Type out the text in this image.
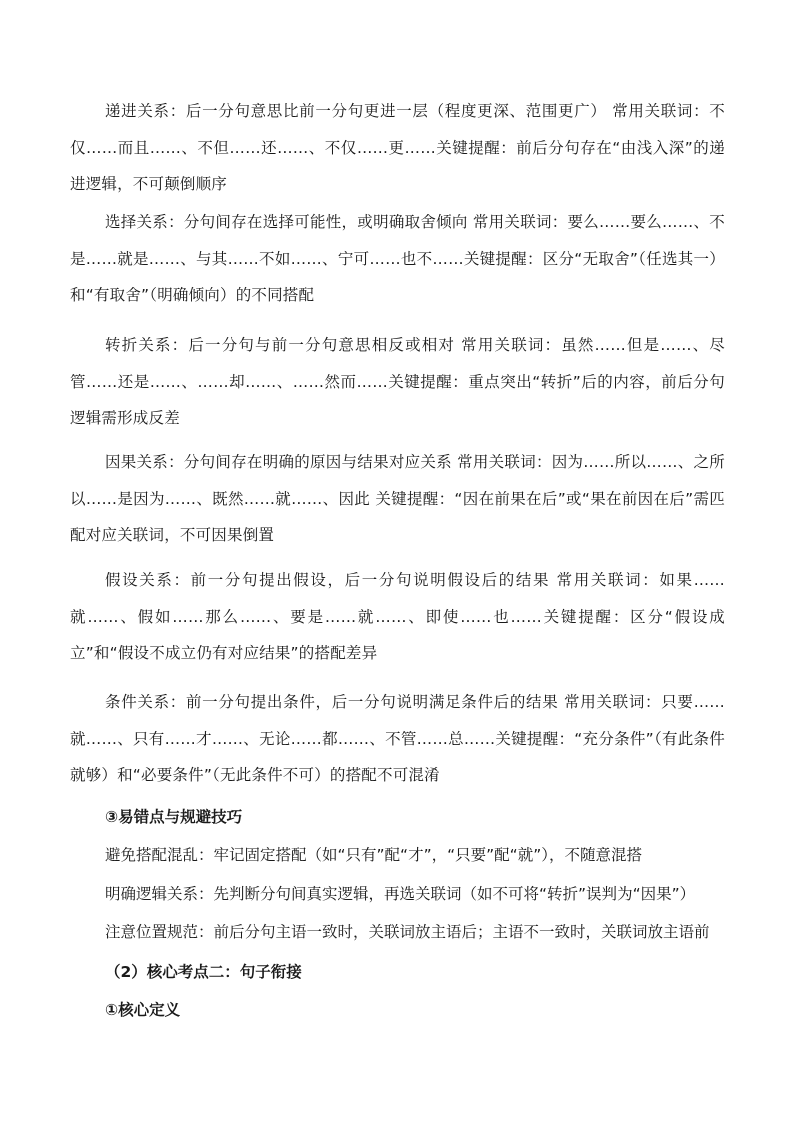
递进关系：后一分句意思比前一分句更进一层（程度更深、范围更广） 常用关联词：不仅……而且……、不但……还……、不仅……更……关键提醒：前后分句存在“由浅入深”的递进逻辑，不可颠倒顺序

选择关系：分句间存在选择可能性，或明确取舍倾向 常用关联词：要么……要么……、不是……就是……、与其……不如……、宁可……也不……关键提醒：区分“无取舍”（任选其一）和“有取舍”（明确倾向）的不同搭配

转折关系：后一分句与前一分句意思相反或相对 常用关联词：虽然……但是……、尽管……还是……、……却……、……然而……关键提醒：重点突出“转折”后的内容，前后分句逻辑需形成反差

因果关系：分句间存在明确的原因与结果对应关系 常用关联词：因为……所以……、之所以……是因为……、既然……就……、因此 关键提醒：“因在前果在后”或“果在前因在后”需匹配对应关联词，不可因果倒置

假设关系：前一分句提出假设，后一分句说明假设后的结果 常用关联词：如果……就……、假如……那么……、要是……就……、即使……也……关键提醒：区分“假设成立”和“假设不成立仍有对应结果”的搭配差异

条件关系：前一分句提出条件，后一分句说明满足条件后的结果 常用关联词：只要……就……、只有……才……、无论……都……、不管……总……关键提醒：“充分条件”（有此条件就够）和“必要条件”（无此条件不可）的搭配不可混淆

③易错点与规避技巧

避免搭配混乱：牢记固定搭配（如“只有”配“才”，“只要”配“就”），不随意混搭

明确逻辑关系：先判断分句间真实逻辑，再选关联词（如不可将“转折”误判为“因果”）

注意位置规范：前后分句主语一致时，关联词放主语后；主语不一致时，关联词放主语前

（2）核心考点二：句子衔接

①核心定义
